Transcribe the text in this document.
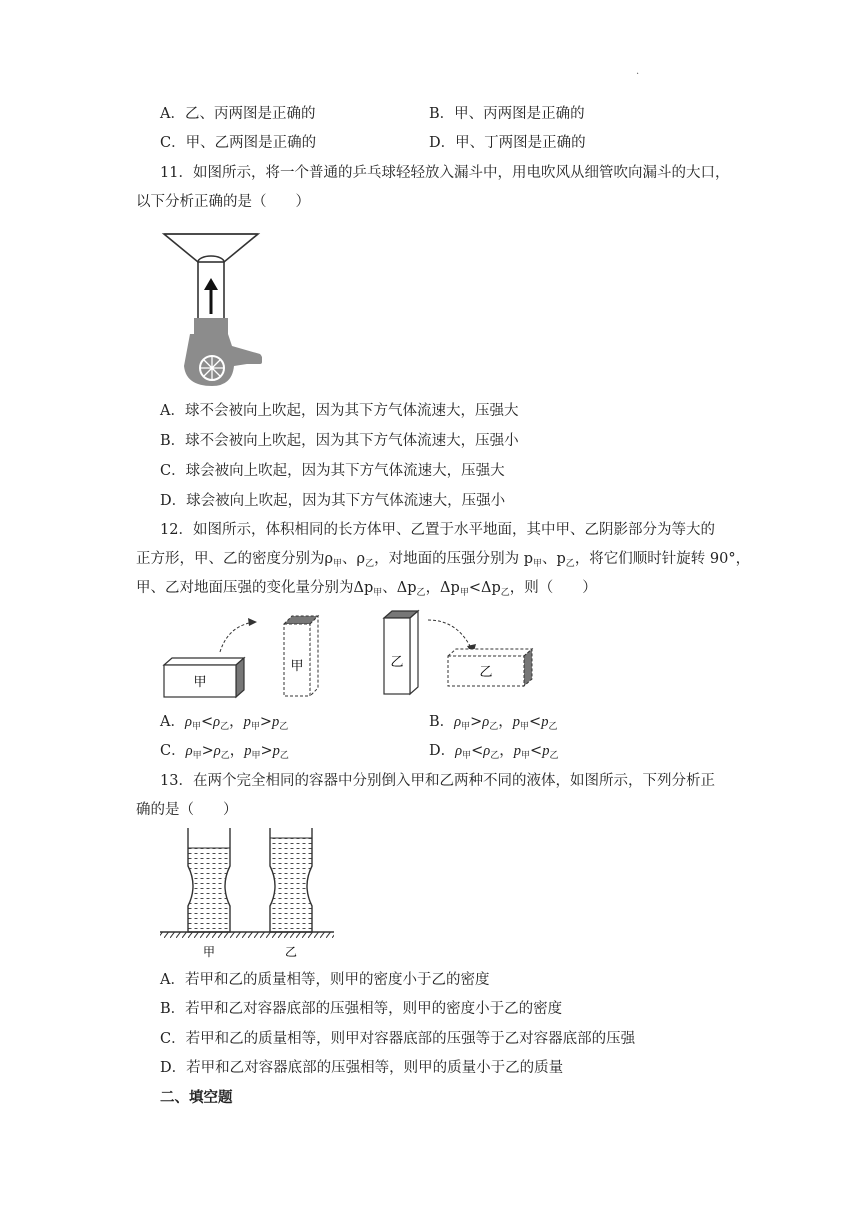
.
A．乙、丙两图是正确的	B．甲、丙两图是正确的
C．甲、乙两图是正确的	D．甲、丁两图是正确的
11．如图所示，将一个普通的乒乓球轻轻放入漏斗中，用电吹风从细管吹向漏斗的大口，
以下分析正确的是（　　）
A．球不会被向上吹起，因为其下方气体流速大，压强大
B．球不会被向上吹起，因为其下方气体流速大，压强小
C．球会被向上吹起，因为其下方气体流速大，压强大
D．球会被向上吹起，因为其下方气体流速大，压强小
12．如图所示，体积相同的长方体甲、乙置于水平地面，其中甲、乙阴影部分为等大的
正方形，甲、乙的密度分别为$\rho_甲$、$\rho_乙$，对地面的压强分别为 $p_甲$、$p_乙$，将它们顺时针旋转 90°，
甲、乙对地面压强的变化量分别为$\Delta p_甲$、$\Delta p_乙$，$\Delta p_甲<\Delta p_乙$，则（　　）
甲
甲	乙
乙
A．$\rho_甲<\rho_乙$，$p_甲>p_乙$	B．$\rho_甲>\rho_乙$，$p_甲<p_乙$
C．$\rho_甲>\rho_乙$，$p_甲>p_乙$	D．$\rho_甲<\rho_乙$，$p_甲<p_乙$
13．在两个完全相同的容器中分别倒入甲和乙两种不同的液体，如图所示，下列分析正
确的是（　　）
甲	乙
A．若甲和乙的质量相等，则甲的密度小于乙的密度
B．若甲和乙对容器底部的压强相等，则甲的密度小于乙的密度
C．若甲和乙的质量相等，则甲对容器底部的压强等于乙对容器底部的压强
D．若甲和乙对容器底部的压强相等，则甲的质量小于乙的质量
二、填空题
